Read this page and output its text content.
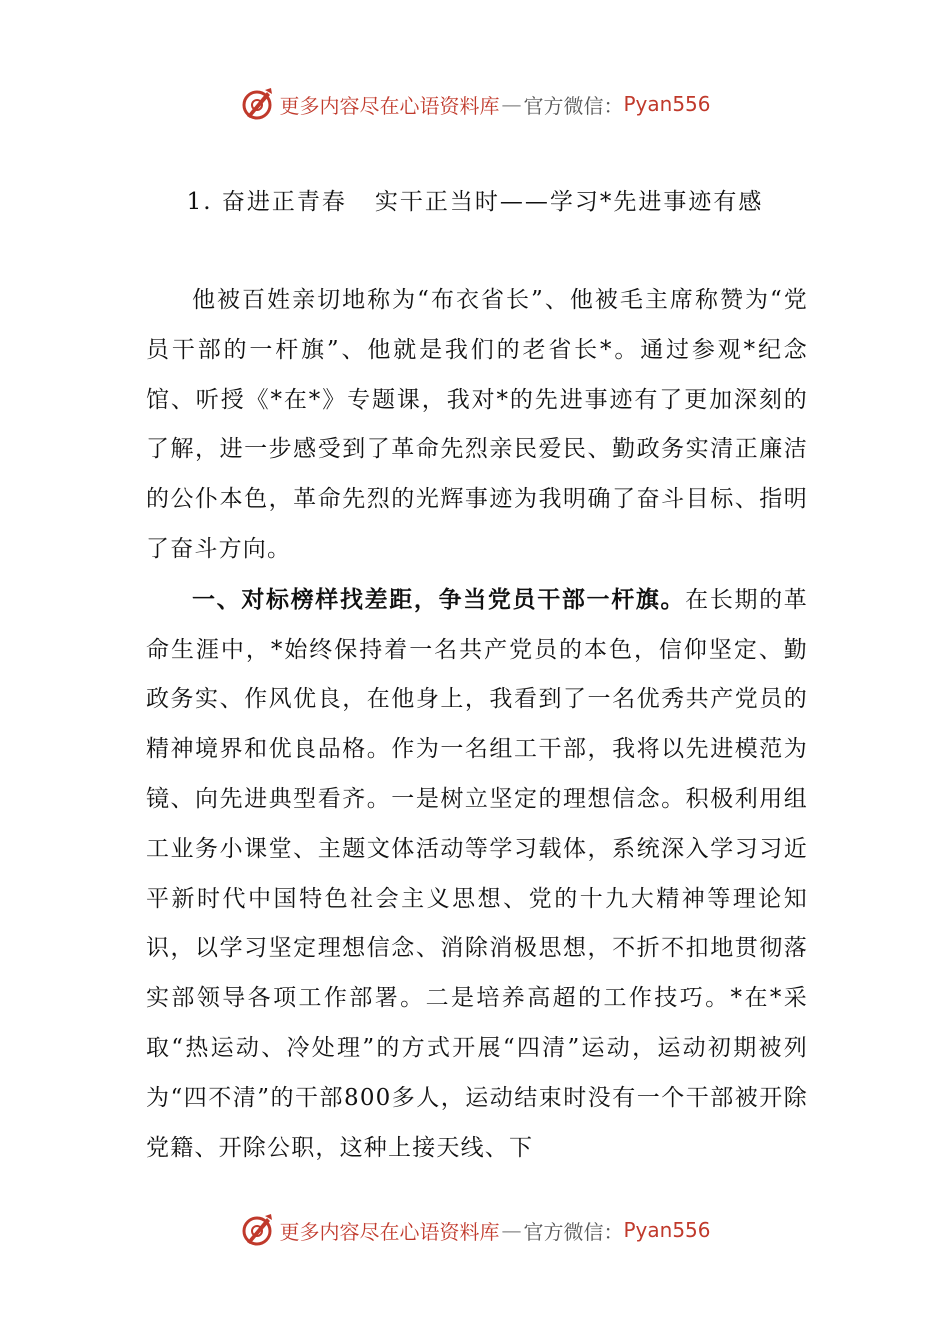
更多内容尽在心语资料库 — 官方微信： Pyan556
1. 奋进正青春   实干正当时——学习*先进事迹有感

他被百姓亲切地称为“布衣省长”、他被毛主席称赞为“党员干部的一杆旗”、他就是我们的老省长*。通过参观*纪念馆、听授《*在*》专题课，我对*的先进事迹有了更加深刻的了解，进一步感受到了革命先烈亲民爱民、勤政务实清正廉洁的公仆本色，革命先烈的光辉事迹为我明确了奋斗目标、指明了奋斗方向。

一、对标榜样找差距，争当党员干部一杆旗。在长期的革命生涯中，*始终保持着一名共产党员的本色，信仰坚定、勤政务实、作风优良，在他身上，我看到了一名优秀共产党员的精神境界和优良品格。作为一名组工干部，我将以先进模范为镜、向先进典型看齐。一是树立坚定的理想信念。积极利用组工业务小课堂、主题文体活动等学习载体，系统深入学习习近平新时代中国特色社会主义思想、党的十九大精神等理论知识，以学习坚定理想信念、消除消极思想，不折不扣地贯彻落实部领导各项工作部署。二是培养高超的工作技巧。*在*采取“热运动、冷处理”的方式开展“四清”运动，运动初期被列为“四不清”的干部800多人，运动结束时没有一个干部被开除党籍、开除公职，这种上接天线、下

更多内容尽在心语资料库 — 官方微信： Pyan556
